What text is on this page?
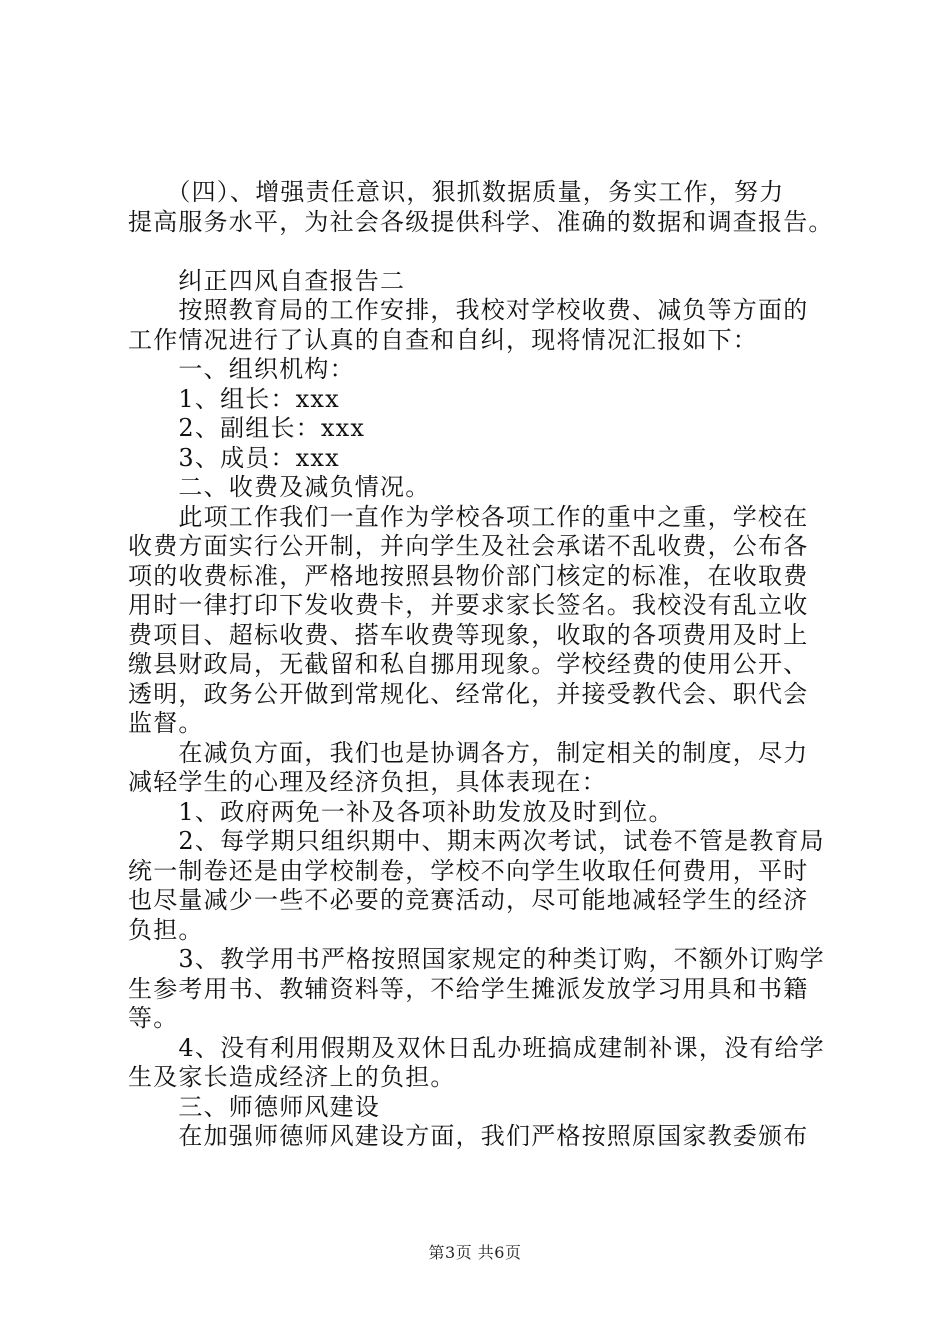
　　（四）、增强责任意识，狠抓数据质量，务实工作，努力
提高服务水平，为社会各级提供科学、准确的数据和调查报告。
　　纠正四风自查报告二
　　按照教育局的工作安排，我校对学校收费、减负等方面的
工作情况进行了认真的自查和自纠，现将情况汇报如下：
　　一、组织机构：
　　1、组长：xxx
　　2、副组长：xxx
　　3、成员：xxx
　　二、收费及减负情况。
　　此项工作我们一直作为学校各项工作的重中之重，学校在
收费方面实行公开制，并向学生及社会承诺不乱收费，公布各
项的收费标准，严格地按照县物价部门核定的标准，在收取费
用时一律打印下发收费卡，并要求家长签名。我校没有乱立收
费项目、超标收费、搭车收费等现象，收取的各项费用及时上
缴县财政局，无截留和私自挪用现象。学校经费的使用公开、
透明，政务公开做到常规化、经常化，并接受教代会、职代会
监督。
　　在减负方面，我们也是协调各方，制定相关的制度，尽力
减轻学生的心理及经济负担，具体表现在：
　　1、政府两免一补及各项补助发放及时到位。
　　2、每学期只组织期中、期末两次考试，试卷不管是教育局
统一制卷还是由学校制卷，学校不向学生收取任何费用，平时
也尽量减少一些不必要的竞赛活动，尽可能地减轻学生的经济
负担。
　　3、教学用书严格按照国家规定的种类订购，不额外订购学
生参考用书、教辅资料等，不给学生摊派发放学习用具和书籍
等。
　　4、没有利用假期及双休日乱办班搞成建制补课，没有给学
生及家长造成经济上的负担。
　　三、师德师风建设
　　在加强师德师风建设方面，我们严格按照原国家教委颁布
第3页 共6页
